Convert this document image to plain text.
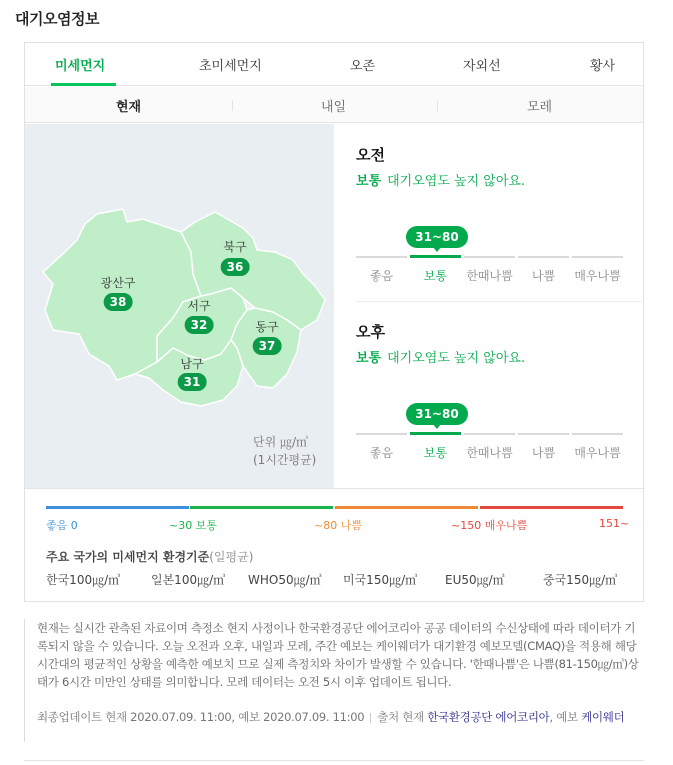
대기오염정보
미세먼지	초미세먼지	오존	자외선	황사
현재	내일	모레
광산구
38
북구
36
서구
32	동구
37
남구
31
단위 ㎍/㎥
(1시간평균)
오전
보통 대기오염도 높지 않아요.
31~80
좋음	보통	한때나쁨	나쁨	매우나쁨
오후
보통 대기오염도 높지 않아요.
31~80
좋음	보통	한때나쁨	나쁨	매우나쁨
좋음 0	~30 보통	~80 나쁨	~150 매우나쁨	151~
주요 국가의 미세먼지 환경기준(일평균)
한국100㎍/㎥	일본100㎍/㎥ WHO50㎍/㎥ 미국150㎍/㎥ EU50㎍/㎥	중국150㎍/㎥
현재는 실시간 관측된 자료이며 측정소 현지 사정이나 한국환경공단 에어코리아 공공 데이터의 수신상태에 따라 데이터가 기록되지 않을 수 있습니다. 오늘 오전과 오후, 내일과 모레, 주간 예보는 케이웨더가 대기환경 예보모델(CMAQ)을 적용해 해당 시간대의 평균적인 상황을 예측한 예보치 므로 실제 측정치와 차이가 발생할 수 있습니다. '한때나쁨'은 나쁨(81-150㎍/㎥)상태가 6시간 미만인 상태를 의미합니다. 모레 데이터는 오전 5시 이후 업데이트 됩니다.
최종업데이트 현재 2020.07.09. 11:00, 예보 2020.07.09. 11:00 출처 현재 한국환경공단 에어코리아, 예보 케이웨더
